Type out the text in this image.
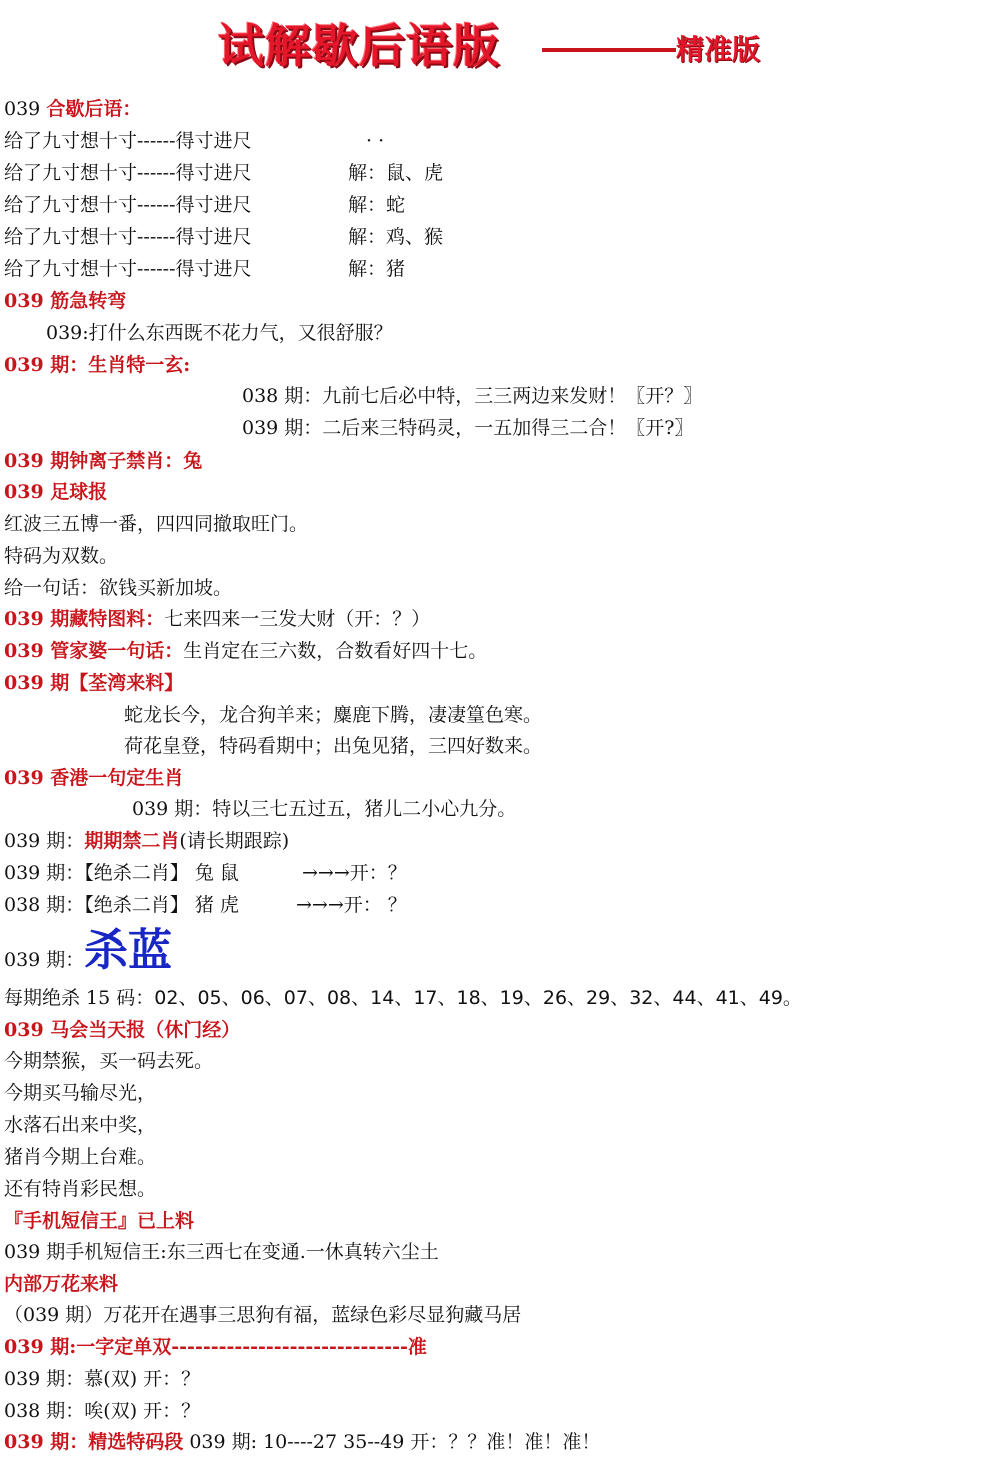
试解歇后语版	精准版
039 合歇后语：
给了九寸想十寸------得寸进尺	· ·
给了九寸想十寸------得寸进尺	解：鼠、虎
给了九寸想十寸------得寸进尺	解：蛇
给了九寸想十寸------得寸进尺	解：鸡、猴
给了九寸想十寸------得寸进尺	解：猪
039 筋急转弯
039:打什么东西既不花力气，又很舒服？
039 期：生肖特一玄:
038 期：九前七后必中特，三三两边来发财！〖开？〗
039 期：二后来三特码灵，一五加得三二合！〖开?〗
039 期钟离子禁肖：兔
039 足球报
红波三五博一番，四四同撤取旺门。
特码为双数。
给一句话：欲钱买新加坡。
039 期藏特图料：七来四来一三发大财（开：？）
039 管家婆一句话：生肖定在三六数，合数看好四十七。
039 期【荃湾来料】
蛇龙长今，龙合狗羊来；麋鹿下腾，凄凄篁色寒。
荷花皇登，特码看期中；出兔见猪，三四好数来。
039 香港一句定生肖
039 期：特以三七五过五，猪儿二小心九分。
039 期：期期禁二肖(请长期跟踪)
039 期：【绝杀二肖】 兔 鼠	→→→开：？
038 期：【绝杀二肖】 猪 虎	→→→开： ？
039 期： 杀蓝
每期绝杀 15 码：02、05、06、07、08、14、17、18、19、26、29、32、44、41、49。
039 马会当天报（休门经）
今期禁猴，买一码去死。
今期买马输尽光，
水落石出来中奖，
猪肖今期上台难。
还有特肖彩民想。
『手机短信王』已上料
039 期手机短信王:东三西七在变通.一休真转六尘土
内部万花来料
（039 期）万花开在遇事三思狗有福，蓝绿色彩尽显狗藏马居
039 期:一字定单双------------------------------准
039 期：慕(双) 开：？
038 期：唉(双) 开：？
039 期：精选特码段 039 期: 10----27 35--49 开：？？准！准！准！
